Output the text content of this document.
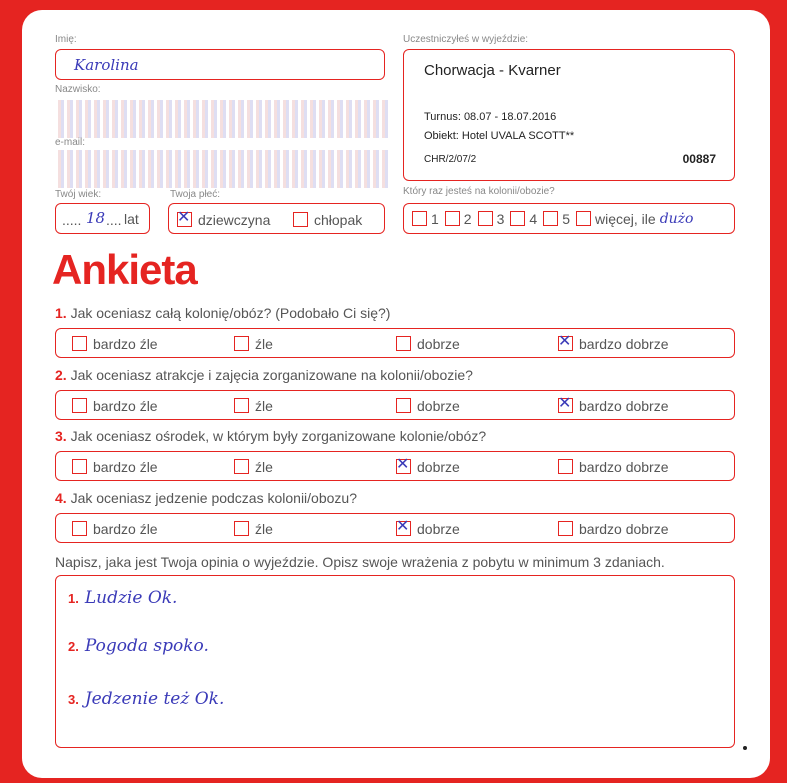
Imię:
Karolina
Nazwisko:
e-mail:
Twój wiek:
..... 18 .... lat
Twoja płeć:
✕ dziewczyna	chłopak
Uczestniczyłeś w wyjeździe:
Chorwacja - Kvarner
Turnus: 08.07 - 18.07.2016
Obiekt: Hotel UVALA SCOTT**
CHR/2/07/2	00887
Który raz jesteś na kolonii/obozie?
1 2 3 4 5 więcej, ile dużo
Ankieta
1. Jak oceniasz całą kolonię/obóz? (Podobało Ci się?)
bardzo źle	źle	dobrze	✕ bardzo dobrze
2. Jak oceniasz atrakcje i zajęcia zorganizowane na kolonii/obozie?
bardzo źle	źle	dobrze	✕ bardzo dobrze
3. Jak oceniasz ośrodek, w którym były zorganizowane kolonie/obóz?
bardzo źle	źle	✕ dobrze	bardzo dobrze
4. Jak oceniasz jedzenie podczas kolonii/obozu?
bardzo źle	źle	✕ dobrze	bardzo dobrze
Napisz, jaka jest Twoja opinia o wyjeździe. Opisz swoje wrażenia z pobytu w minimum 3 zdaniach.
1. Ludzie Ok.
2. Pogoda spoko.
3. Jedzenie też Ok.
